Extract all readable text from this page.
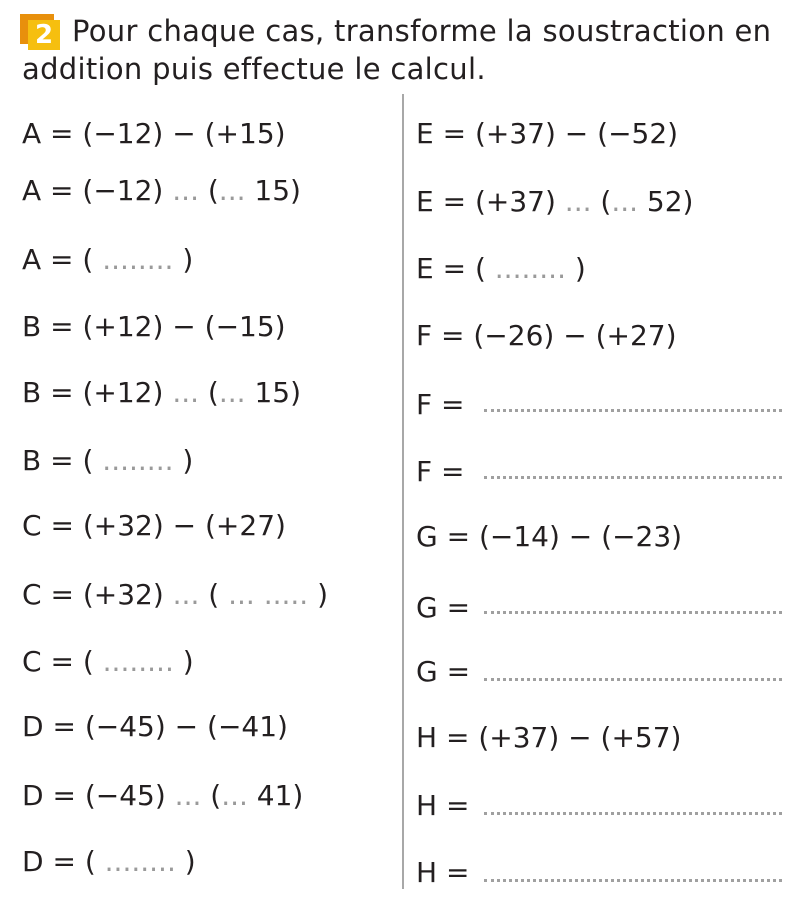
2 Pour chaque cas, transforme la soustraction en
addition puis effectue le calcul.
A = (−12) − (+15)
A = (−12) ... (... 15)
A = ( ........ )
B = (+12) − (−15)
B = (+12) ... (... 15)
B = ( ........ )
C = (+32) − (+27)
C = (+32) ... ( ... ..... )
C = ( ........ )
D = (−45) − (−41)
D = (−45) ... (... 41)
D = ( ........ )
E = (+37) − (−52)
E = (+37) ... (... 52)
E = ( ........ )
F = (−26) − (+27)
F =
F =
G = (−14) − (−23)
G =
G =
H = (+37) − (+57)
H =
H =
